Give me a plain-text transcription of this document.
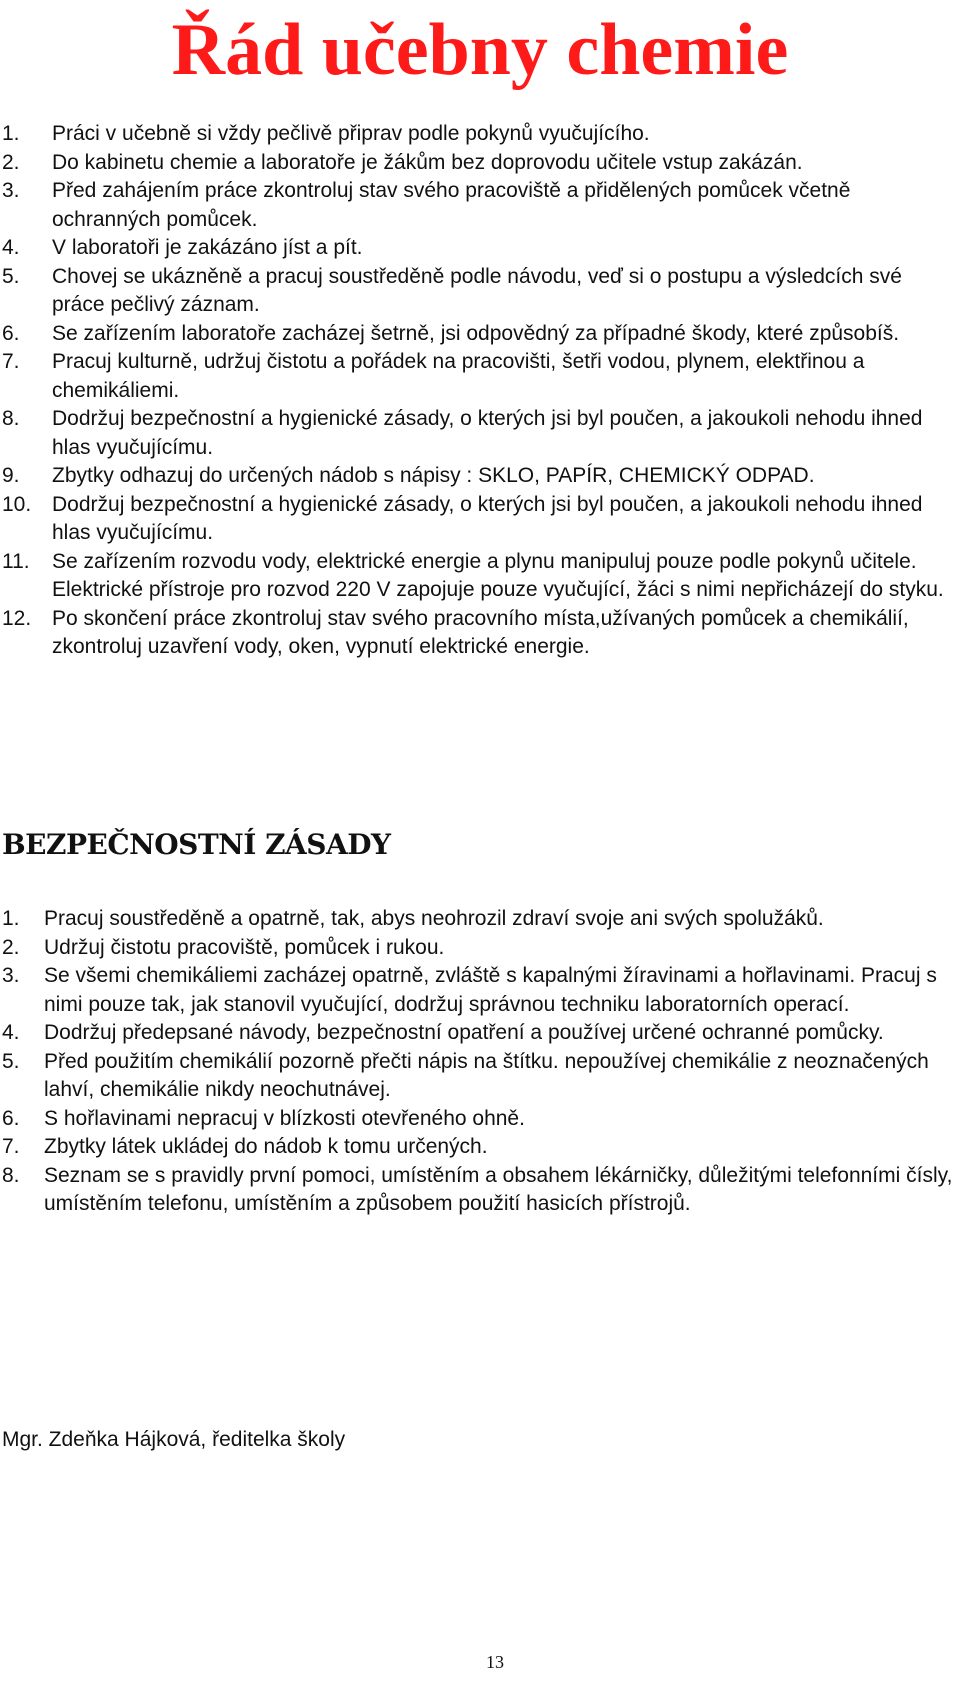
Řád učebny chemie
1.	Práci v učebně si vždy pečlivě připrav podle pokynů vyučujícího.
2.	Do kabinetu chemie a laboratoře je žákům bez doprovodu učitele vstup zakázán.
3.	Před zahájením práce zkontroluj stav svého pracoviště a přidělených pomůcek včetně ochranných pomůcek.
4.	V laboratoři je zakázáno jíst a pít.
5.	Chovej se ukázněně a pracuj soustředěně podle návodu, veď si o postupu a výsledcích své práce pečlivý záznam.
6.	Se zařízením laboratoře zacházej šetrně, jsi odpovědný za případné škody, které způsobíš.
7.	Pracuj kulturně, udržuj čistotu a pořádek na pracovišti, šetři vodou, plynem, elektřinou a chemikáliemi.
8.	Dodržuj bezpečnostní a hygienické zásady, o kterých jsi byl poučen, a jakoukoli nehodu ihned hlas vyučujícímu.
9.	Zbytky odhazuj do určených nádob s nápisy : SKLO, PAPÍR, CHEMICKÝ ODPAD.
10. Dodržuj bezpečnostní a hygienické zásady, o kterých jsi byl poučen, a jakoukoli nehodu ihned hlas vyučujícímu.
11.	Se zařízením rozvodu vody, elektrické energie a plynu manipuluj pouze podle pokynů učitele. Elektrické přístroje pro rozvod 220 V zapojuje pouze vyučující, žáci s nimi nepřicházejí do styku.
12. Po skončení práce zkontroluj stav svého pracovního místa,užívaných pomůcek a chemikálií, zkontroluj uzavření vody, oken, vypnutí elektrické energie.
BEZPEČNOSTNÍ ZÁSADY
1.	Pracuj soustředěně a opatrně, tak, abys neohrozil zdraví svoje ani svých spolužáků.
2.	Udržuj čistotu pracoviště, pomůcek i rukou.
3.	Se všemi chemikáliemi zacházej opatrně, zvláště s kapalnými žíravinami a hořlavinami. Pracuj s nimi pouze tak, jak stanovil vyučující, dodržuj správnou techniku laboratorních operací.
4.	Dodržuj předepsané návody, bezpečnostní opatření a používej určené ochranné pomůcky.
5.	Před použitím chemikálií pozorně přečti nápis na štítku. nepoužívej chemikálie z neoznačených lahví, chemikálie nikdy neochutnávej.
6.	S hořlavinami nepracuj v blízkosti otevřeného ohně.
7.	Zbytky látek ukládej do nádob k tomu určených.
8.	Seznam se s pravidly první pomoci, umístěním a obsahem lékárničky, důležitými telefonními čísly, umístěním telefonu, umístěním a způsobem použití hasicích přístrojů.

Mgr. Zdeňka Hájková, ředitelka školy

13
